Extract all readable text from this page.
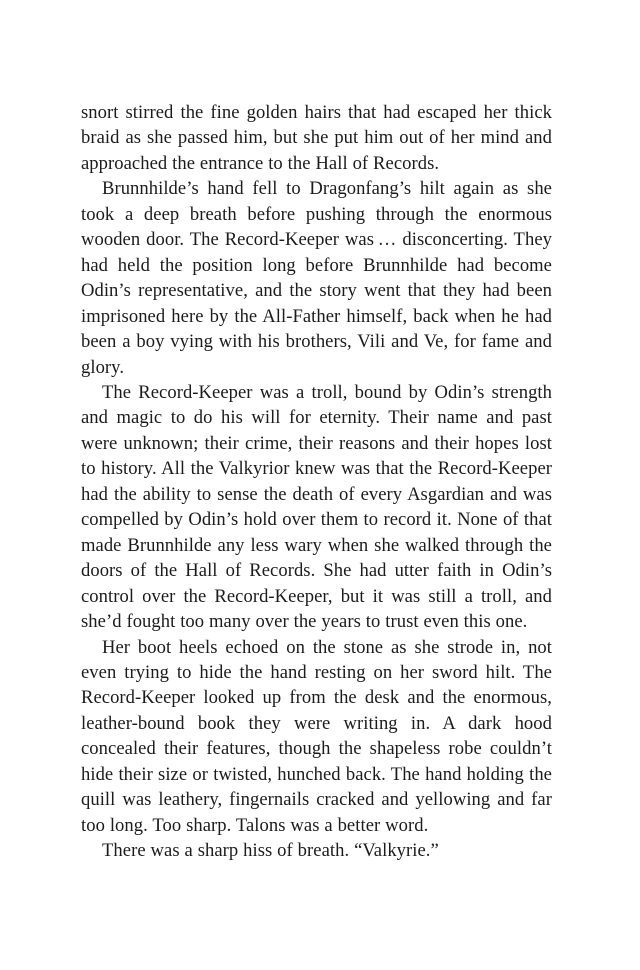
snort stirred the fine golden hairs that had escaped her thick braid as she passed him, but she put him out of her mind and approached the entrance to the Hall of Records.

Brunnhilde’s hand fell to Dragonfang’s hilt again as she took a deep breath before pushing through the enormous wooden door. The Record-Keeper was … disconcerting. They had held the position long before Brunnhilde had become Odin’s representative, and the story went that they had been imprisoned here by the All-Father himself, back when he had been a boy vying with his brothers, Vili and Ve, for fame and glory.

The Record-Keeper was a troll, bound by Odin’s strength and magic to do his will for eternity. Their name and past were unknown; their crime, their reasons and their hopes lost to history. All the Valkyrior knew was that the Record-Keeper had the ability to sense the death of every Asgardian and was compelled by Odin’s hold over them to record it. None of that made Brunnhilde any less wary when she walked through the doors of the Hall of Records. She had utter faith in Odin’s control over the Record-Keeper, but it was still a troll, and she’d fought too many over the years to trust even this one.

Her boot heels echoed on the stone as she strode in, not even trying to hide the hand resting on her sword hilt. The Record-Keeper looked up from the desk and the enormous, leather-bound book they were writing in. A dark hood concealed their features, though the shapeless robe couldn’t hide their size or twisted, hunched back. The hand holding the quill was leathery, fingernails cracked and yellowing and far too long. Too sharp. Talons was a better word.

There was a sharp hiss of breath. “Valkyrie.”
